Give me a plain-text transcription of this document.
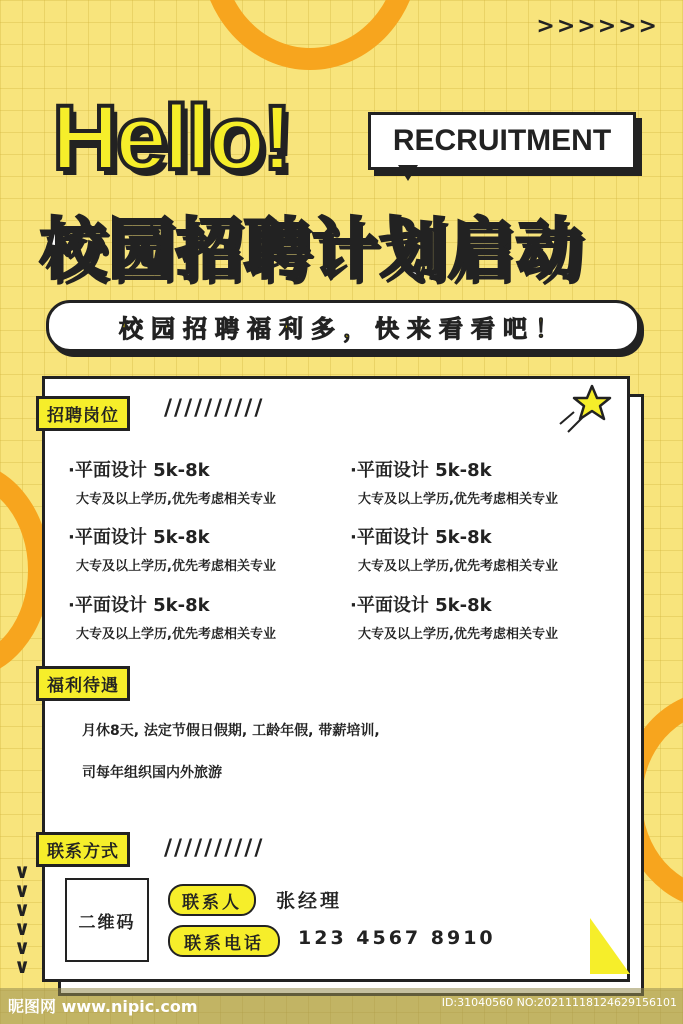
>>>>>>
Hello!	RECRUITMENT
校园招聘计划启动
校园招聘福利多，快来看看吧！
招聘岗位	//////////
·平面设计 5k-8k
大专及以上学历,优先考虑相关专业
·平面设计 5k-8k
大专及以上学历,优先考虑相关专业
·平面设计 5k-8k
大专及以上学历,优先考虑相关专业
·平面设计 5k-8k
大专及以上学历,优先考虑相关专业
·平面设计 5k-8k
大专及以上学历,优先考虑相关专业
·平面设计 5k-8k
大专及以上学历,优先考虑相关专业
福利待遇
月休8天, 法定节假日假期, 工龄年假, 带薪培训,
司每年组织国内外旅游
联系方式	//////////
二维码
联系人	张经理
联系电话	123 4567 8910
∨
∨
∨
∨
∨
∨
昵图网 www.nipic.com	ID:31040560 NO:20211118124629156101
